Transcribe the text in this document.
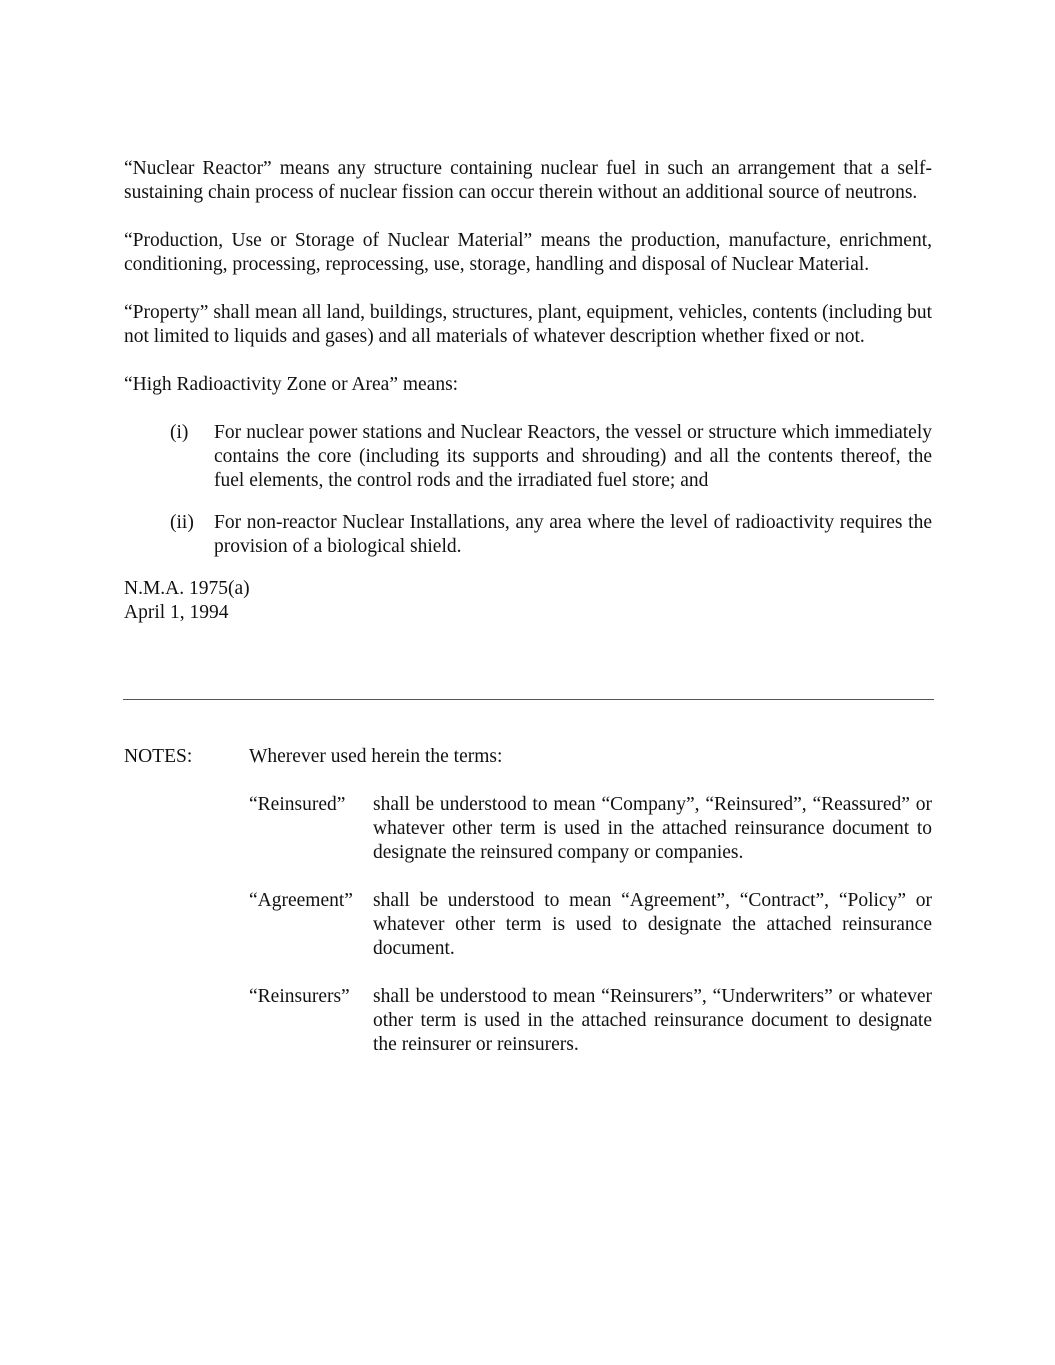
“Nuclear Reactor” means any structure containing nuclear fuel in such an arrangement that a self-sustaining chain process of nuclear fission can occur therein without an additional source of neutrons.

“Production, Use or Storage of Nuclear Material” means the production, manufacture, enrichment, conditioning, processing, reprocessing, use, storage, handling and disposal of Nuclear Material.

“Property” shall mean all land, buildings, structures, plant, equipment, vehicles, contents (including but not limited to liquids and gases) and all materials of whatever description whether fixed or not.

“High Radioactivity Zone or Area” means:

(i)	For nuclear power stations and Nuclear Reactors, the vessel or structure which immediately contains the core (including its supports and shrouding) and all the contents thereof, the fuel elements, the control rods and the irradiated fuel store; and
(ii)	For non-reactor Nuclear Installations, any area where the level of radioactivity requires the provision of a biological shield.

N.M.A. 1975(a)

April 1, 1994

NOTES:	Wherever used herein the terms:
“Reinsured”	shall be understood to mean “Company”, “Reinsured”, “Reassured” or whatever other term is used in the attached reinsurance document to designate the reinsured company or companies.
“Agreement”	shall be understood to mean “Agreement”, “Contract”, “Policy” or whatever other term is used to designate the attached reinsurance document.
“Reinsurers”	shall be understood to mean “Reinsurers”, “Underwriters” or whatever other term is used in the attached reinsurance document to designate the reinsurer or reinsurers.
